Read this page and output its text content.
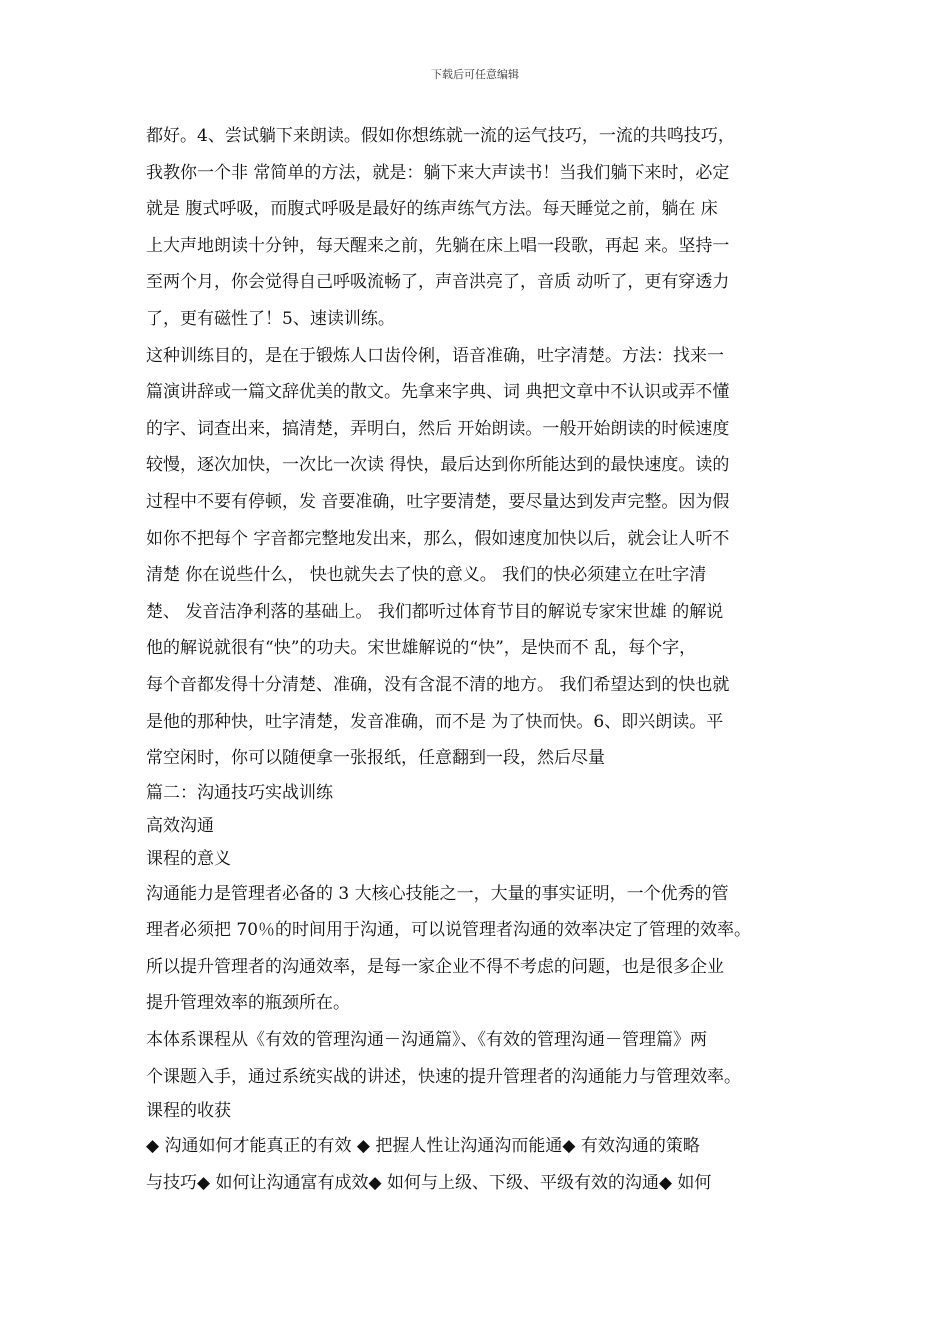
下载后可任意编辑
都好。4、尝试躺下来朗读。假如你想练就一流的运气技巧，一流的共鸣技巧，
我教你一个非 常简单的方法，就是：躺下来大声读书！当我们躺下来时，必定
就是 腹式呼吸，而腹式呼吸是最好的练声练气方法。每天睡觉之前，躺在 床
上大声地朗读十分钟，每天醒来之前，先躺在床上唱一段歌，再起 来。坚持一
至两个月，你会觉得自己呼吸流畅了，声音洪亮了，音质 动听了，更有穿透力
了，更有磁性了！5、速读训练。
这种训练目的，是在于锻炼人口齿伶俐，语音准确，吐字清楚。方法：找来一
篇演讲辞或一篇文辞优美的散文。先拿来字典、词 典把文章中不认识或弄不懂
的字、词查出来，搞清楚，弄明白，然后 开始朗读。一般开始朗读的时候速度
较慢，逐次加快，一次比一次读 得快，最后达到你所能达到的最快速度。读的
过程中不要有停顿，发 音要准确，吐字要清楚，要尽量达到发声完整。因为假
如你不把每个 字音都完整地发出来，那么，假如速度加快以后，就会让人听不
清楚 你在说些什么， 快也就失去了快的意义。 我们的快必须建立在吐字清
楚、 发音洁净利落的基础上。 我们都听过体育节目的解说专家宋世雄 的解说
他的解说就很有“快”的功夫。宋世雄解说的“快”，是快而不 乱，每个字，
每个音都发得十分清楚、准确，没有含混不清的地方。 我们希望达到的快也就
是他的那种快，吐字清楚，发音准确，而不是 为了快而快。6、即兴朗读。平
常空闲时，你可以随便拿一张报纸，任意翻到一段，然后尽量
篇二：沟通技巧实战训练
高效沟通
课程的意义
沟通能力是管理者必备的 3 大核心技能之一，大量的事实证明，一个优秀的管
理者必须把 70％的时间用于沟通，可以说管理者沟通的效率决定了管理的效率。
所以提升管理者的沟通效率，是每一家企业不得不考虑的问题，也是很多企业
提升管理效率的瓶颈所在。
本体系课程从《有效的管理沟通－沟通篇》、《有效的管理沟通－管理篇》两
个课题入手，通过系统实战的讲述，快速的提升管理者的沟通能力与管理效率。
课程的收获
◆ 沟通如何才能真正的有效 ◆ 把握人性让沟通沟而能通◆ 有效沟通的策略
与技巧◆ 如何让沟通富有成效◆ 如何与上级、下级、平级有效的沟通◆ 如何
